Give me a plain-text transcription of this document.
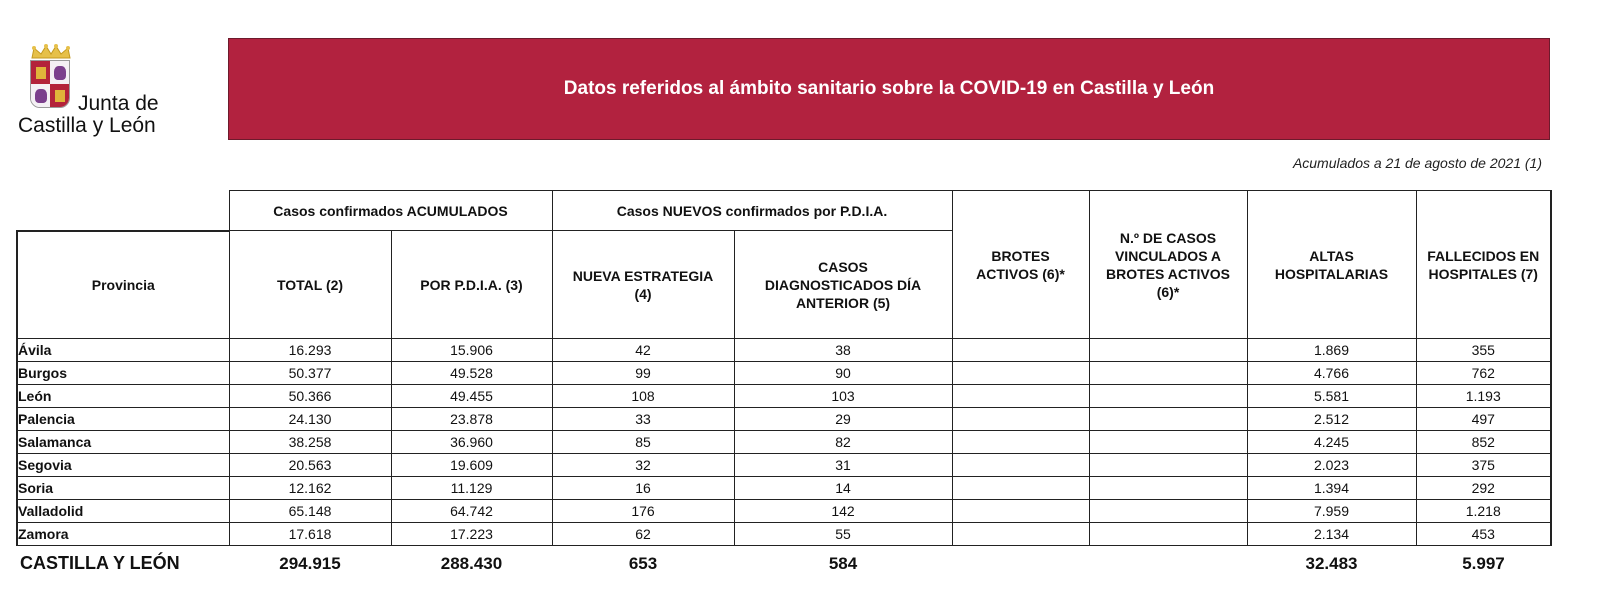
Junta de
Castilla y León
Datos referidos al ámbito sanitario sobre la COVID-19 en Castilla y León
Acumulados a 21 de agosto de 2021 (1)
	Casos confirmados ACUMULADOS		Casos NUEVOS confirmados por P.D.I.A.		BROTES ACTIVOS (6)*	N.º DE CASOS VINCULADOS A BROTES ACTIVOS (6)*	ALTAS HOSPITALARIAS	FALLECIDOS EN HOSPITALES (7)
Provincia	TOTAL (2)	POR P.D.I.A. (3)	NUEVA ESTRATEGIA (4)	CASOS DIAGNOSTICADOS DÍA ANTERIOR (5)				
Ávila	16.293	15.906	42	38			1.869	355
Burgos	50.377	49.528	99	90			4.766	762
León	50.366	49.455	108	103			5.581	1.193
Palencia	24.130	23.878	33	29			2.512	497
Salamanca	38.258	36.960	85	82			4.245	852
Segovia	20.563	19.609	32	31			2.023	375
Soria	12.162	11.129	16	14			1.394	292
Valladolid	65.148	64.742	176	142			7.959	1.218
Zamora	17.618	17.223	62	55			2.134	453
CASTILLA Y LEÓN	294.915	288.430	653	584			32.483	5.997
